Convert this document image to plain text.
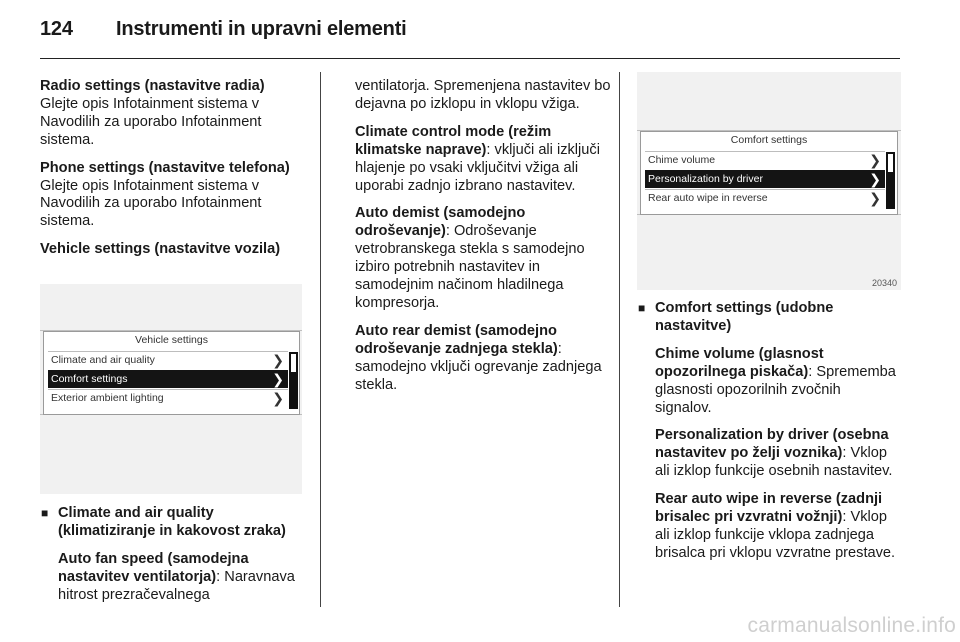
124 Instrumenti in upravni elementi

Radio settings (nastavitve radia)
Glejte opis Infotainment sistema v Navodilih za uporabo Infotainment sistema.

Phone settings (nastavitve telefona)
Glejte opis Infotainment sistema v Navodilih za uporabo Infotainment sistema.

Vehicle settings (nastavitve vozila)

Vehicle settings
Climate and air quality	❯
Comfort settings	❯
Exterior ambient lighting	❯

■ Climate and air quality (klimatiziranje in kakovost zraka)

Auto fan speed (samodejna nastavitev ventilatorja): Naravnava hitrost prezračevalnega

ventilatorja. Spremenjena nastavitev bo dejavna po izklopu in vklopu vžiga.

Climate control mode (režim klimatske naprave): vključi ali izključi hlajenje po vsaki vključitvi vžiga ali uporabi zadnjo izbrano nastavitev.

Auto demist (samodejno odroševanje): Odroševanje vetrobranskega stekla s samodejno izbiro potrebnih nastavitev in samodejnim načinom hladilnega kompresorja.

Auto rear demist (samodejno odroševanje zadnjega stekla): samodejno vključi ogrevanje zadnjega stekla.

Comfort settings
Chime volume	❯
Personalization by driver	❯
Rear auto wipe in reverse	❯
20340

■ Comfort settings (udobne nastavitve)

Chime volume (glasnost opozorilnega piskača): Sprememba glasnosti opozorilnih zvočnih signalov.

Personalization by driver (osebna nastavitev po želji voznika): Vklop ali izklop funkcije osebnih nastavitev.

Rear auto wipe in reverse (zadnji brisalec pri vzvratni vožnji): Vklop ali izklop funkcije vklopa zadnjega brisalca pri vklopu vzvratne prestave.

carmanualsonline.info
